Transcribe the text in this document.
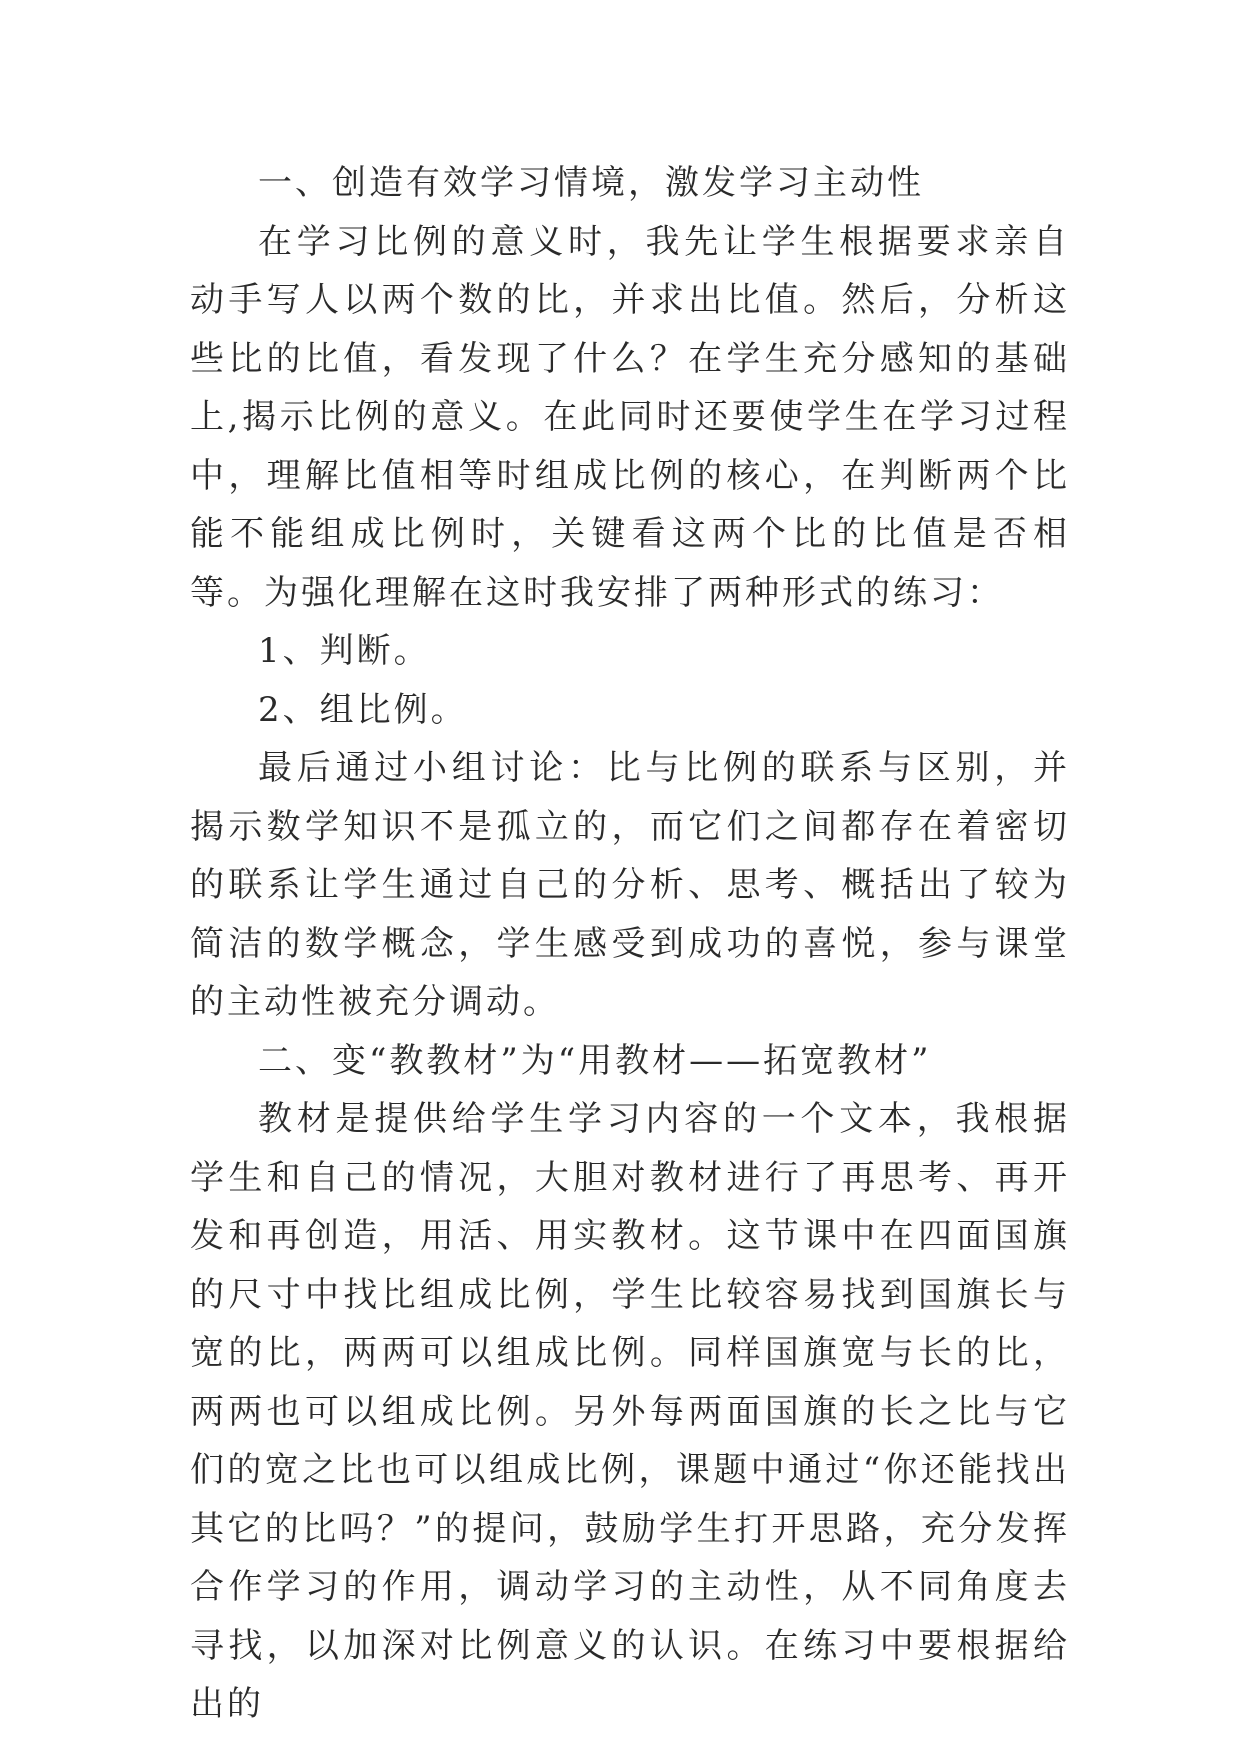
一、创造有效学习情境，激发学习主动性

在学习比例的意义时，我先让学生根据要求亲自动手写人以两个数的比，并求出比值。然后，分析这些比的比值，看发现了什么？在学生充分感知的基础上,揭示比例的意义。在此同时还要使学生在学习过程中，理解比值相等时组成比例的核心，在判断两个比能不能组成比例时，关键看这两个比的比值是否相等。为强化理解在这时我安排了两种形式的练习：

1、判断。

2、组比例。

最后通过小组讨论：比与比例的联系与区别，并揭示数学知识不是孤立的，而它们之间都存在着密切的联系让学生通过自己的分析、思考、概括出了较为简洁的数学概念，学生感受到成功的喜悦，参与课堂的主动性被充分调动。

二、变“教教材”为“用教材——拓宽教材”

教材是提供给学生学习内容的一个文本，我根据学生和自己的情况，大胆对教材进行了再思考、再开发和再创造，用活、用实教材。这节课中在四面国旗的尺寸中找比组成比例，学生比较容易找到国旗长与宽的比，两两可以组成比例。同样国旗宽与长的比，两两也可以组成比例。另外每两面国旗的长之比与它们的宽之比也可以组成比例，课题中通过“你还能找出其它的比吗？”的提问，鼓励学生打开思路，充分发挥合作学习的作用，调动学习的主动性，从不同角度去寻找，以加深对比例意义的认识。在练习中要根据给出的
